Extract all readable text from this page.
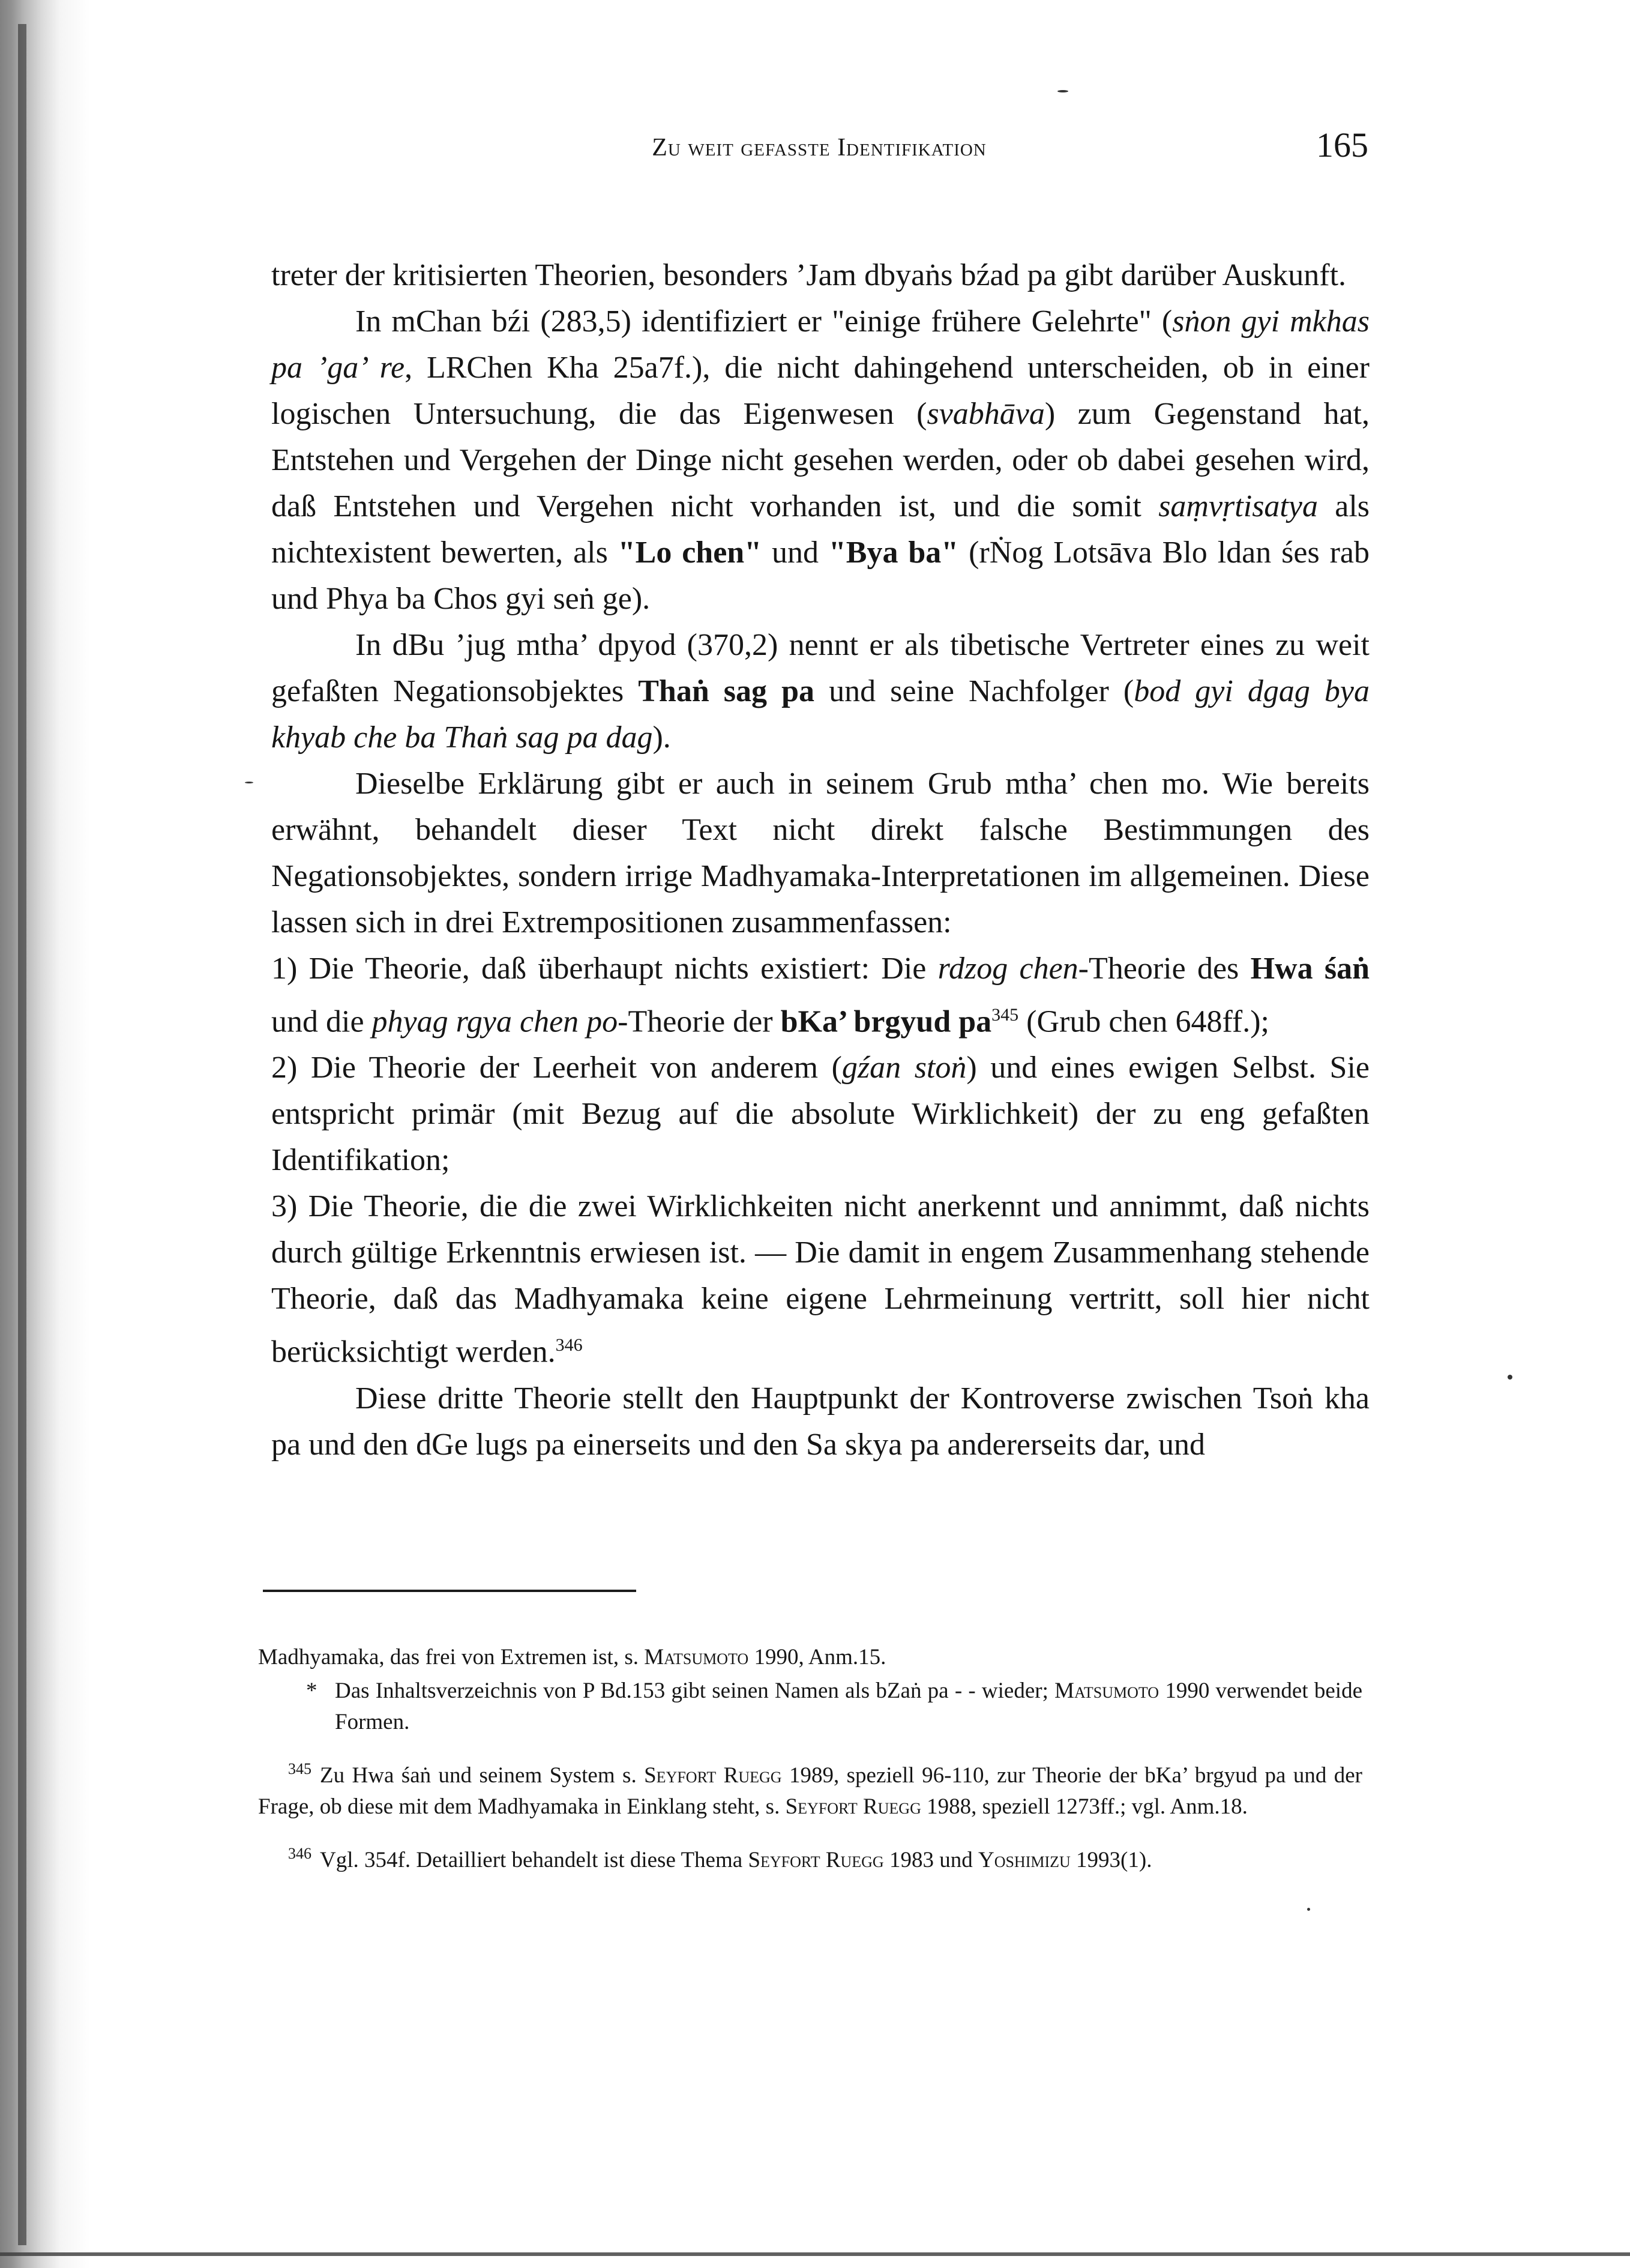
Zu weit gefasste Identifikation	165

treter der kritisierten Theorien, besonders ’Jam dbyaṅs bźad pa gibt darüber Auskunft.

In mChan bźi (283,5) identifiziert er "einige frühere Gelehrte" (sṅon gyi mkhas pa ’ga’ re, LRChen Kha 25a7f.), die nicht dahingehend unterscheiden, ob in einer logischen Untersuchung, die das Eigenwesen (svabhāva) zum Gegenstand hat, Entstehen und Vergehen der Dinge nicht gesehen werden, oder ob dabei gesehen wird, daß Entstehen und Vergehen nicht vorhanden ist, und die somit saṃvṛtisatya als nichtexistent bewerten, als "Lo chen" und "Bya ba" (rṄog Lotsāva Blo ldan śes rab und Phya ba Chos gyi seṅ ge).

In dBu ’jug mtha’ dpyod (370,2) nennt er als tibetische Vertreter eines zu weit gefaßten Negationsobjektes Thaṅ sag pa und seine Nachfolger (bod gyi dgag bya khyab che ba Thaṅ sag pa dag).

Dieselbe Erklärung gibt er auch in seinem Grub mtha’ chen mo. Wie bereits erwähnt, behandelt dieser Text nicht direkt falsche Bestimmungen des Negationsobjektes, sondern irrige Madhyamaka-Interpretationen im allgemeinen. Diese lassen sich in drei Extrempositionen zusammenfassen:

1) Die Theorie, daß überhaupt nichts existiert: Die rdzog chen-Theorie des Hwa śaṅ und die phyag rgya chen po-Theorie der bKa’ brgyud $pa^{345}$ (Grub chen 648ff.);

2) Die Theorie der Leerheit von anderem (gźan stoṅ) und eines ewigen Selbst. Sie entspricht primär (mit Bezug auf die absolute Wirklichkeit) der zu eng gefaßten Identifikation;

3) Die Theorie, die die zwei Wirklichkeiten nicht anerkennt und annimmt, daß nichts durch gültige Erkenntnis erwiesen ist. — Die damit in engem Zusammenhang stehende Theorie, daß das Madhyamaka keine eigene Lehrmeinung vertritt, soll hier nicht berücksichtigt werden.$^{346}$

Diese dritte Theorie stellt den Hauptpunkt der Kontroverse zwischen Tsoṅ kha pa und den dGe lugs pa einerseits und den Sa skya pa andererseits dar, und

Madhyamaka, das frei von Extremen ist, s. Matsumoto 1990, Anm.15.

* Das Inhaltsverzeichnis von P Bd.153 gibt seinen Namen als bZaṅ pa - - wieder; Matsumoto 1990 verwendet beide Formen.

$^{345}$ Zu Hwa śaṅ und seinem System s. Seyfort Ruegg 1989, speziell 96-110, zur Theorie der bKa’ brgyud pa und der Frage, ob diese mit dem Madhyamaka in Einklang steht, s. Seyfort Ruegg 1988, speziell 1273ff.; vgl. Anm.18.

$^{346}$ Vgl. 354f. Detailliert behandelt ist diese Thema Seyfort Ruegg 1983 und Yoshimizu 1993(1).
